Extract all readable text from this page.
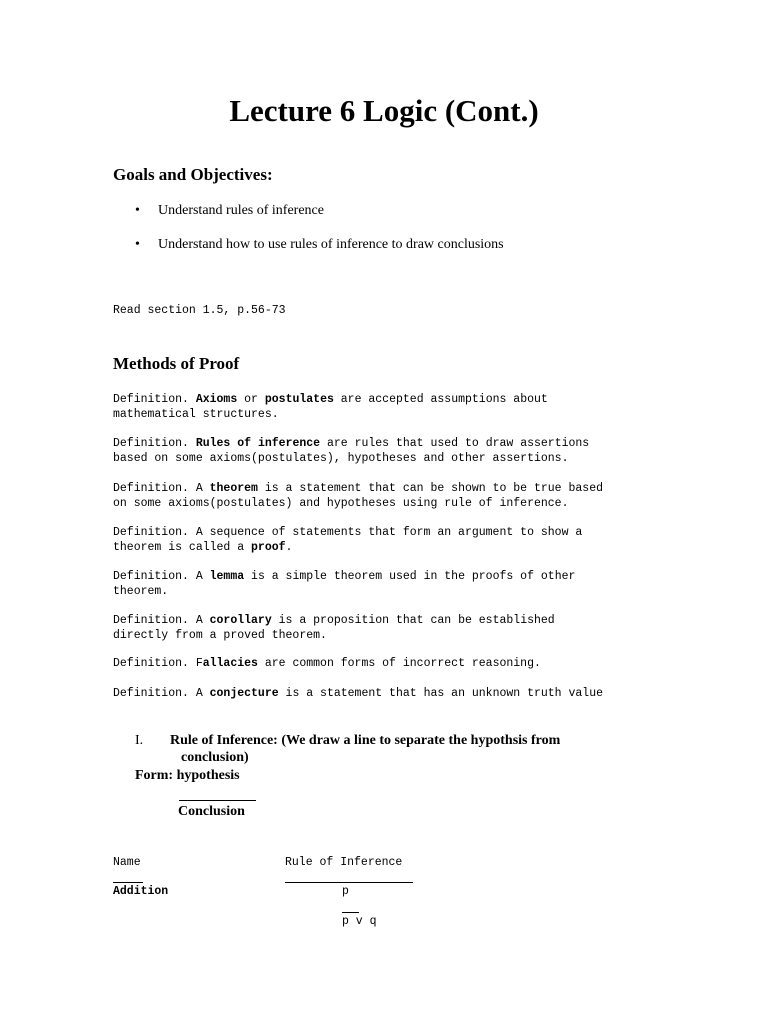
Lecture 6 Logic (Cont.)
Goals and Objectives:
• Understand rules of inference
• Understand how to use rules of inference to draw conclusions
Read section 1.5, p.56-73
Methods of Proof
Definition. Axioms or postulates are accepted assumptions about
mathematical structures.
Definition. Rules of inference are rules that used to draw assertions
based on some axioms(postulates), hypotheses and other assertions.
Definition. A theorem is a statement that can be shown to be true based
on some axioms(postulates) and hypotheses using rule of inference.
Definition. A sequence of statements that form an argument to show a
theorem is called a proof.
Definition. A lemma is a simple theorem used in the proofs of other
theorem.
Definition. A corollary is a proposition that can be established
directly from a proved theorem.
Definition. Fallacies are common forms of incorrect reasoning.
Definition. A conjecture is a statement that has an unknown truth value
I. Rule of Inference: (We draw a line to separate the hypothsis from
conclusion)
Form: hypothesis
Conclusion
Name	Rule of Inference
Addition	p
p v q
